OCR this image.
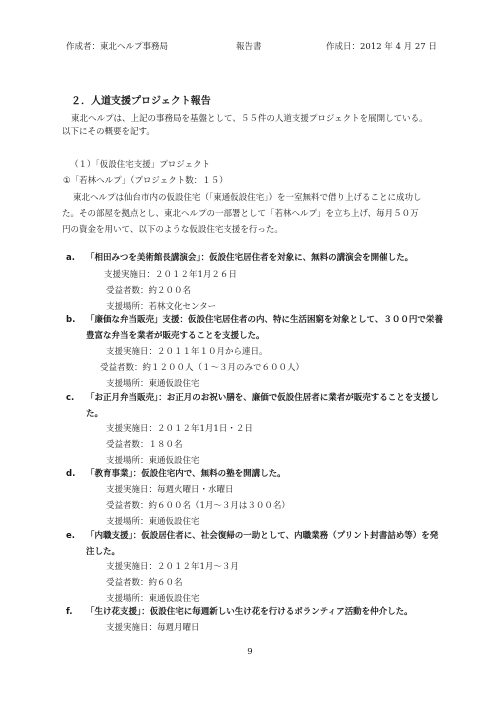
作成者：東北ヘルプ事務局	報告書	作成日：2012 年 4 月 27 日
２．人道支援プロジェクト報告
東北ヘルプは、上記の事務局を基盤として、５５件の人道支援プロジェクトを展開している。
以下にその概要を記す。
（１）「仮設住宅支援」プロジェクト
①「若林ヘルプ」（プロジェクト数：１５）
東北ヘルプは仙台市内の仮設住宅（「東通仮設住宅」）を一室無料で借り上げることに成功し
た。その部屋を拠点とし、東北ヘルプの一部署として「若林ヘルプ」を立ち上げ、毎月５０万
円の資金を用いて、以下のような仮設住宅支援を行った。
a. 「相田みつを美術館長講演会」：仮設住宅居住者を対象に、無料の講演会を開催した。
支援実施日：２０１２年1月２６日
受益者数：約２００名
支援場所：若林文化センター
b. 「廉価な弁当販売」支援：仮設住宅居住者の内、特に生活困窮を対象として、３００円で栄養
豊富な弁当を業者が販売することを支援した。
支援実施日：２０１１年１０月から連日。
受益者数：約１２００人（１～３月のみで６００人）
支援場所：東通仮設住宅
c. 「お正月弁当販売」：お正月のお祝い膳を、廉価で仮設住居者に業者が販売することを支援し
た。
支援実施日：２０１２年1月1日・２日
受益者数：１８０名
支援場所：東通仮設住宅
d. 「教育事業」：仮設住宅内で、無料の塾を開講した。
支援実施日：毎週火曜日・水曜日
受益者数：約６００名（1月～３月は３００名）
支援場所：東通仮設住宅
e. 「内職支援」：仮設居住者に、社会復帰の一助として、内職業務（プリント封書詰め等）を発
注した。
支援実施日：２０１２年1月～３月
受益者数：約６０名
支援場所：東通仮設住宅
f. 「生け花支援」：仮設住宅に毎週新しい生け花を行けるボランティア活動を仲介した。
支援実施日：毎週月曜日
9
